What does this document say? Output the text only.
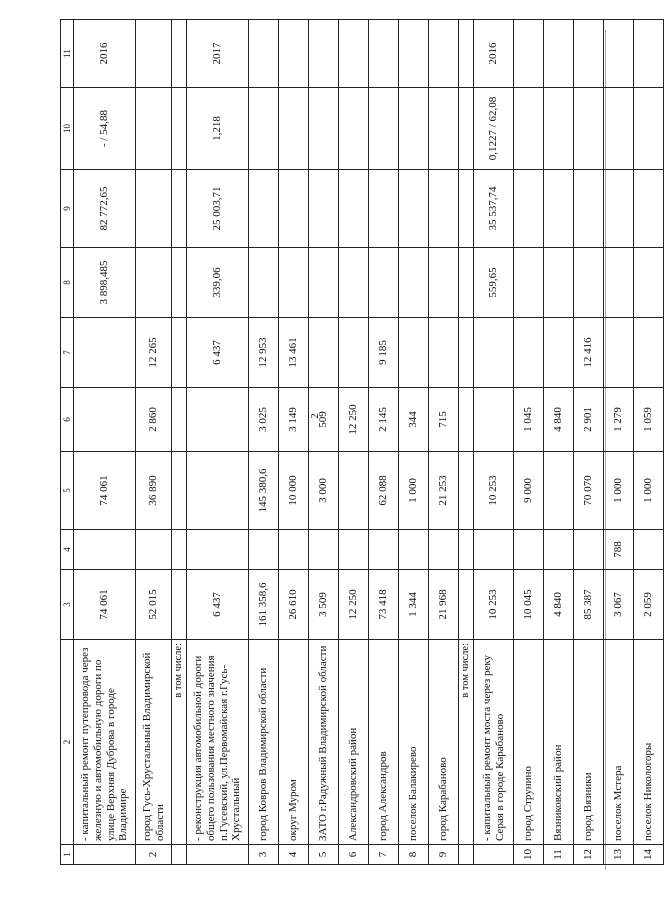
2
1	2	3	4	5	6	7	8	9	10	11
	- капитальный ремонт путепровода через железную и автомобильную дороги по улице Верхняя Дуброва в городе Владимире	74 061		74 061			3 898,485	82 772,65	- / 54,88	2016
2	город Гусь-Хрустальный Владимирской области	52 015		36 890	2 860	12 265				
	в том числе:									
	- реконструкция автомобильной дороги общего пользования местного значения п.Гусевский, ул.Первомайская г.Гусь-Хрустальный	6 437				6 437	339,06	25 003,71	1,218	2017
3	город Ковров Владимирской области	161 358,6		145 380,6	3 025	12 953				
4	округ Муром	26 610		10 000	3 149	13 461				
5	ЗАТО г.Радужный Владимирской области	3 509		3 000	509					
6	Александровский район	12 250			12 250					
7	город Александров	73 418		62 088	2 145	9 185				
8	поселок Балакирево	1 344		1 000	344					
9	город Карабаново	21 968		21 253	715					
	в том числе:									
	- капитальный ремонт моста через реку Серая в городе Карабаново	10 253		10 253			559,65	35 537,74	0,1227 / 62,08	2016
10	город Струнино	10 045		9 000	1 045					
11	Вязниковский район	4 840			4 840					
12	город Вязники	85 387		70 070	2 901	12 416				
13	поселок Мстера	3 067	788	1 000	1 279					
14	поселок Никологоры	2 059		1 000	1 059					
